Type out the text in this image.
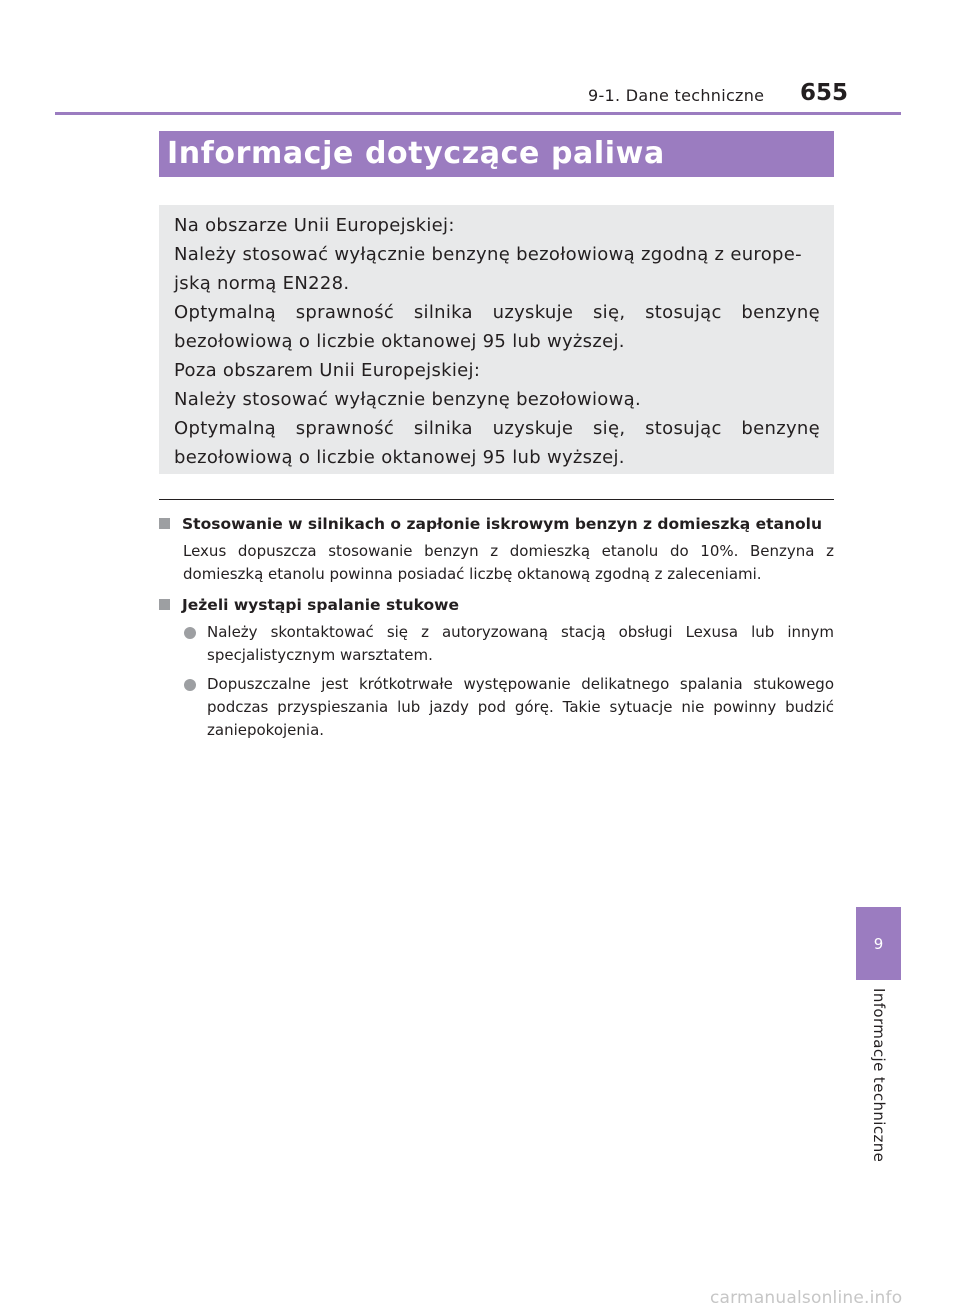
9-1. Dane techniczne 655
Informacje dotyczące paliwa

Na obszarze Unii Europejskiej:

Należy stosować wyłącznie benzynę bezołowiową zgodną z europe-
jską normą EN228.

Optymalną sprawność silnika uzyskuje się, stosując benzynę bezołowiową o liczbie oktanowej 95 lub wyższej.

Poza obszarem Unii Europejskiej:

Należy stosować wyłącznie benzynę bezołowiową.

Optymalną sprawność silnika uzyskuje się, stosując benzynę bezołowiową o liczbie oktanowej 95 lub wyższej.

Stosowanie w silnikach o zapłonie iskrowym benzyn z domieszką etanolu

Lexus dopuszcza stosowanie benzyn z domieszką etanolu do 10%. Benzyna z domieszką etanolu powinna posiadać liczbę oktanową zgodną z zaleceniami.

Jeżeli wystąpi spalanie stukowe
Należy skontaktować się z autoryzowaną stacją obsługi Lexusa lub innym specjalistycznym warsztatem.
Dopuszczalne jest krótkotrwałe występowanie delikatnego spalania stukowego podczas przyspieszania lub jazdy pod górę. Takie sytuacje nie powinny budzić zaniepokojenia.
9
Informacje techniczne
carmanualsonline.info
